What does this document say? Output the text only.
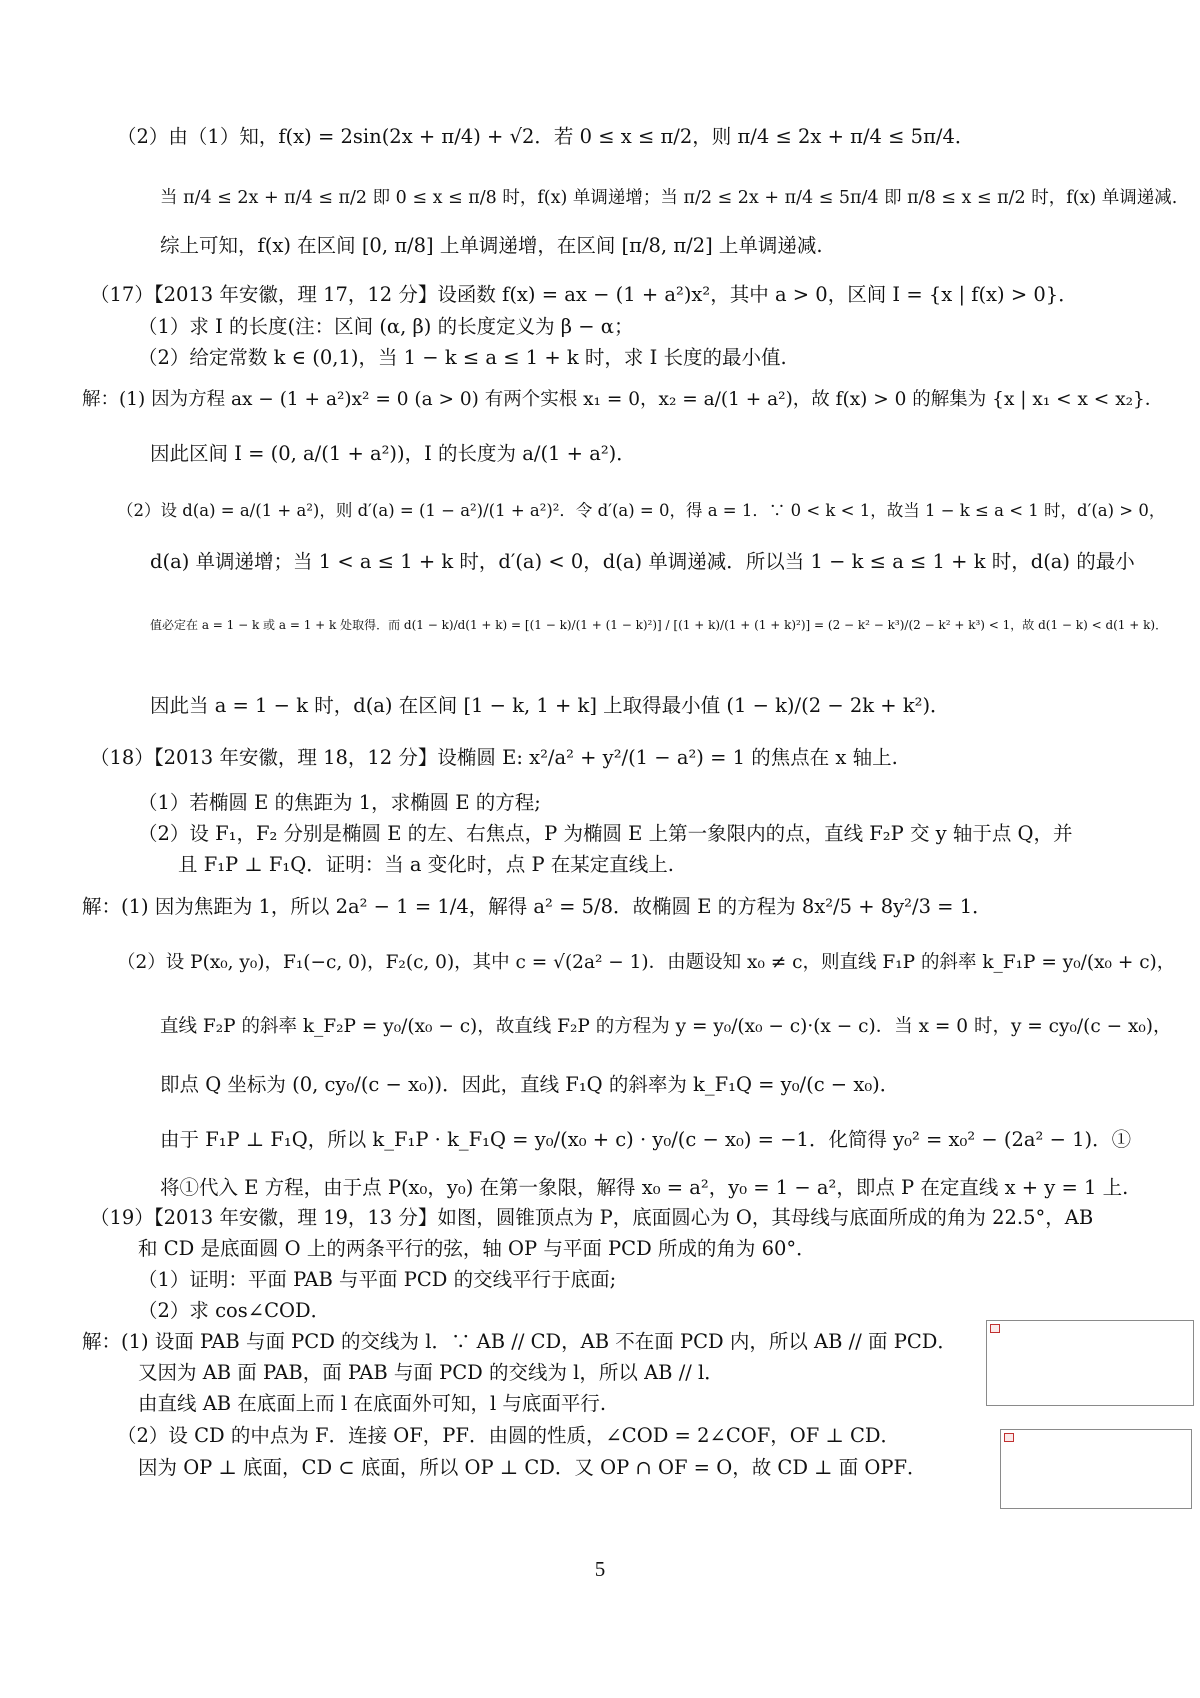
（2）由（1）知，f(x) = 2sin(2x + π/4) + √2．若 0 ≤ x ≤ π/2，则 π/4 ≤ 2x + π/4 ≤ 5π/4．
当 π/4 ≤ 2x + π/4 ≤ π/2 即 0 ≤ x ≤ π/8 时，f(x) 单调递增；当 π/2 ≤ 2x + π/4 ≤ 5π/4 即 π/8 ≤ x ≤ π/2 时，f(x) 单调递减.
综上可知，f(x) 在区间 [0, π/8] 上单调递增，在区间 [π/8, π/2] 上单调递减.
（17）【2013 年安徽，理 17，12 分】设函数 f(x) = ax − (1 + a²)x²，其中 a > 0，区间 I = {x | f(x) > 0}．
（1）求 I 的长度(注：区间 (α, β) 的长度定义为 β − α；
（2）给定常数 k ∈ (0,1)，当 1 − k ≤ a ≤ 1 + k 时，求 I 长度的最小值.
解：(1) 因为方程 ax − (1 + a²)x² = 0 (a > 0) 有两个实根 x₁ = 0，x₂ = a/(1 + a²)，故 f(x) > 0 的解集为 {x | x₁ < x < x₂}．
因此区间 I = (0, a/(1 + a²))，I 的长度为 a/(1 + a²)．
（2）设 d(a) = a/(1 + a²)，则 d′(a) = (1 − a²)/(1 + a²)²．令 d′(a) = 0，得 a = 1．∵ 0 < k < 1，故当 1 − k ≤ a < 1 时，d′(a) > 0，
d(a) 单调递增；当 1 < a ≤ 1 + k 时，d′(a) < 0，d(a) 单调递减．所以当 1 − k ≤ a ≤ 1 + k 时，d(a) 的最小
值必定在 a = 1 − k 或 a = 1 + k 处取得．而 d(1 − k)/d(1 + k) = [(1 − k)/(1 + (1 − k)²)] / [(1 + k)/(1 + (1 + k)²)] = (2 − k² − k³)/(2 − k² + k³) < 1，故 d(1 − k) < d(1 + k)．
因此当 a = 1 − k 时，d(a) 在区间 [1 − k, 1 + k] 上取得最小值 (1 − k)/(2 − 2k + k²)．
（18）【2013 年安徽，理 18，12 分】设椭圆 E: x²/a² + y²/(1 − a²) = 1 的焦点在 x 轴上.
（1）若椭圆 E 的焦距为 1，求椭圆 E 的方程;
（2）设 F₁，F₂ 分别是椭圆 E 的左、右焦点，P 为椭圆 E 上第一象限内的点，直线 F₂P 交 y 轴于点 Q，并
且 F₁P ⊥ F₁Q．证明：当 a 变化时，点 P 在某定直线上.
解：(1) 因为焦距为 1，所以 2a² − 1 = 1/4，解得 a² = 5/8．故椭圆 E 的方程为 8x²/5 + 8y²/3 = 1．
（2）设 P(x₀, y₀)，F₁(−c, 0)，F₂(c, 0)，其中 c = √(2a² − 1)．由题设知 x₀ ≠ c，则直线 F₁P 的斜率 k_F₁P = y₀/(x₀ + c)，
直线 F₂P 的斜率 k_F₂P = y₀/(x₀ − c)，故直线 F₂P 的方程为 y = y₀/(x₀ − c)·(x − c)．当 x = 0 时，y = cy₀/(c − x₀)，
即点 Q 坐标为 (0, cy₀/(c − x₀))．因此，直线 F₁Q 的斜率为 k_F₁Q = y₀/(c − x₀)．
由于 F₁P ⊥ F₁Q，所以 k_F₁P · k_F₁Q = y₀/(x₀ + c) · y₀/(c − x₀) = −1．化简得 y₀² = x₀² − (2a² − 1)．①
将①代入 E 方程，由于点 P(x₀，y₀) 在第一象限，解得 x₀ = a²，y₀ = 1 − a²，即点 P 在定直线 x + y = 1 上.
（19）【2013 年安徽，理 19，13 分】如图，圆锥顶点为 P，底面圆心为 O，其母线与底面所成的角为 22.5°，AB
和 CD 是底面圆 O 上的两条平行的弦，轴 OP 与平面 PCD 所成的角为 60°．
（1）证明：平面 PAB 与平面 PCD 的交线平行于底面;
（2）求 cos∠COD．
解：(1) 设面 PAB 与面 PCD 的交线为 l．∵ AB // CD，AB 不在面 PCD 内，所以 AB // 面 PCD．
又因为 AB 面 PAB，面 PAB 与面 PCD 的交线为 l，所以 AB // l．
由直线 AB 在底面上而 l 在底面外可知，l 与底面平行.
（2）设 CD 的中点为 F．连接 OF，PF．由圆的性质，∠COD = 2∠COF，OF ⊥ CD．
因为 OP ⊥ 底面，CD ⊂ 底面，所以 OP ⊥ CD．又 OP ∩ OF = O，故 CD ⊥ 面 OPF．
5
